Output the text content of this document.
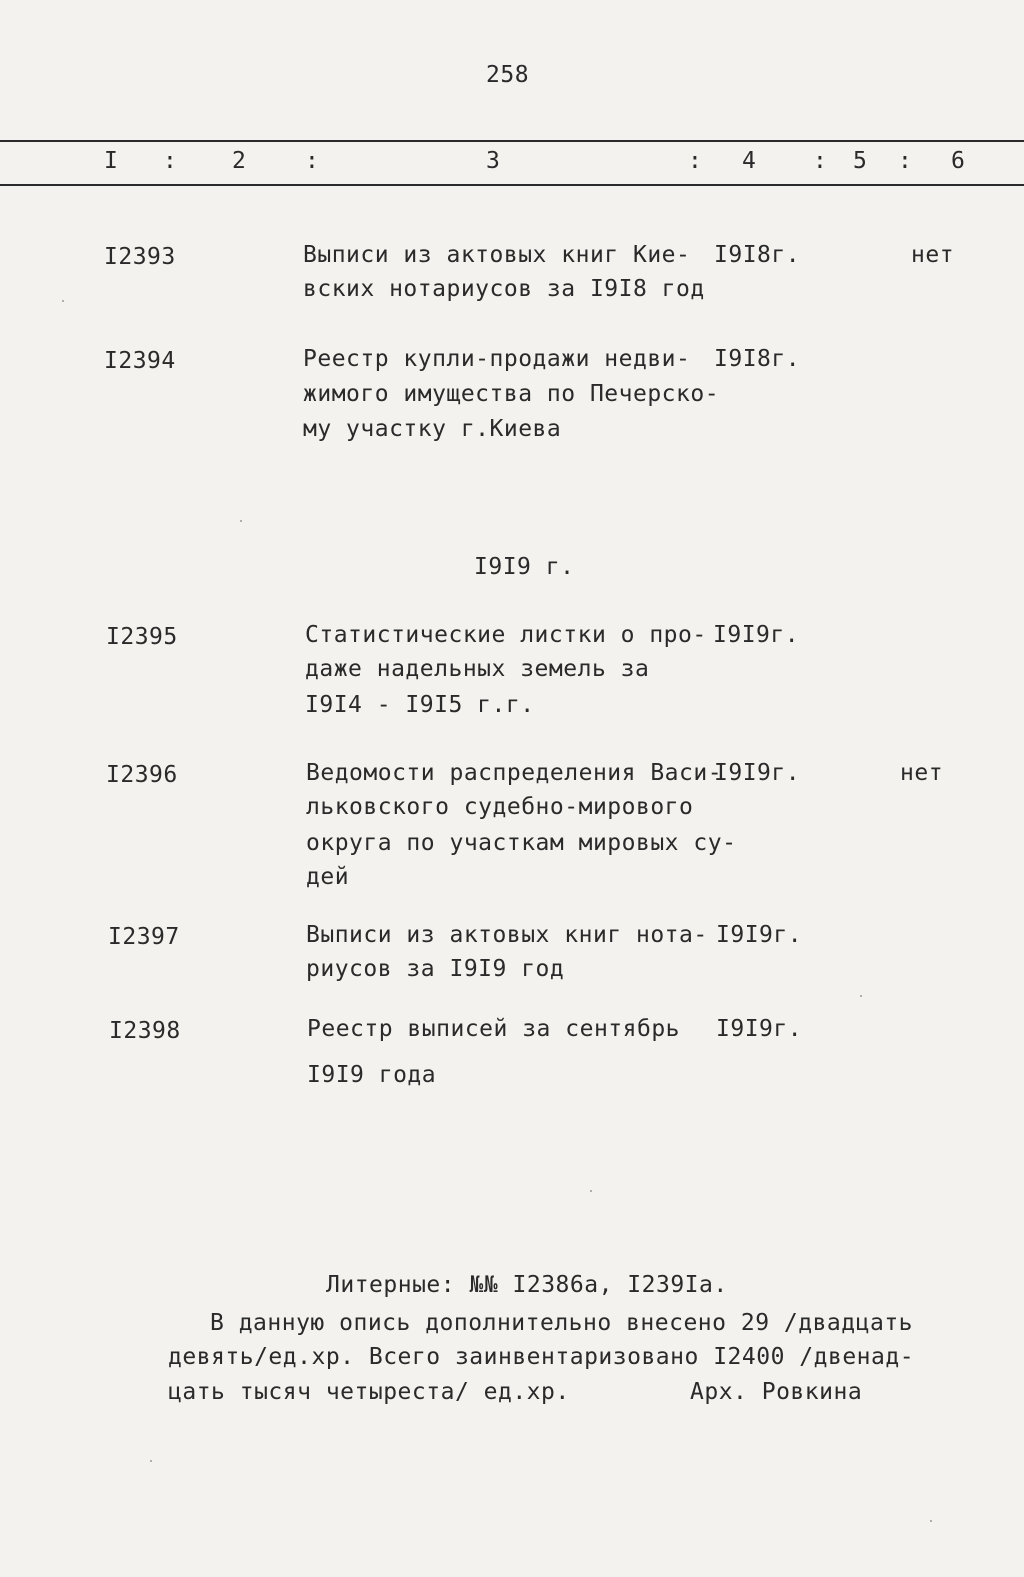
258
I : 2	:	3	: 4 : 5 : 6
I2393	Выписи из актовых книг Кие-
вских нотариусов за I9I8 год
I9I8г.	нет
I2394	Реестр купли-продажи недви-
жимого имущества по Печерско-
му участку г.Киева
I9I8г.
I9I9 г.
I2395	Статистические листки о про-
даже надельных земель за
I9I4 - I9I5 г.г.
I9I9г.
I2396	Ведомости распределения Васи-
льковского судебно-мирового
округа по участкам мировых су-
дей
I9I9г.	нет
I2397	Выписи из актовых книг нота-
риусов за I9I9 год
I9I9г.
I2398	Реестр выписей за сентябрь
I9I9 года
I9I9г.
Литерные: №№ I2386а, I239Iа.
В данную опись дополнительно внесено 29 /двадцать
девять/ед.хр. Всего заинвентаризовано I2400 /двенад-
цать тысяч четыреста/ ед.хр.	Арх. Ровкина
